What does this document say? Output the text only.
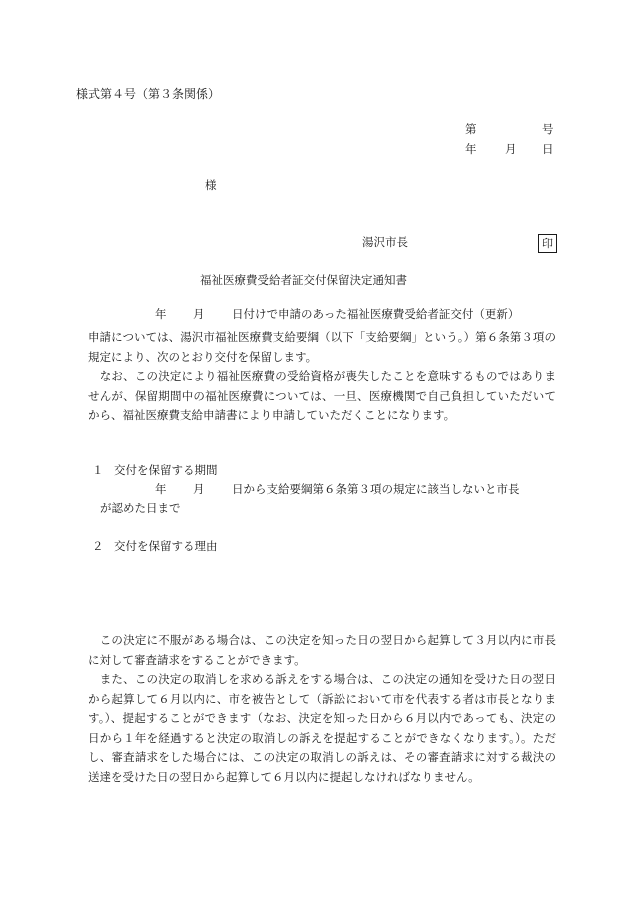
様式第４号（第３条関係）
第	号
年 月 日
様
湯沢市長	印
福祉医療費受給者証交付保留決定通知書
年 月 日付けで申請のあった福祉医療費受給者証交付（更新）
申請については、湯沢市福祉医療費支給要綱（以下「支給要綱」という。）第６条第３項の規定により、次のとおり交付を保留します。
　なお、この決定により福祉医療費の受給資格が喪失したことを意味するものではありませんが、保留期間中の福祉医療費については、一旦、医療機関で自己負担していただいてから、福祉医療費支給申請書により申請していただくことになります。
１ 交付を保留する期間
年 月 日から支給要綱第６条第３項の規定に該当しないと市長
が認めた日まで
２ 交付を保留する理由
　この決定に不服がある場合は、この決定を知った日の翌日から起算して３月以内に市長に対して審査請求をすることができます。
　また、この決定の取消しを求める訴えをする場合は、この決定の通知を受けた日の翌日から起算して６月以内に、市を被告として（訴訟において市を代表する者は市長となります。）、提起することができます（なお、決定を知った日から６月以内であっても、決定の日から１年を経過すると決定の取消しの訴えを提起することができなくなります。）。ただし、審査請求をした場合には、この決定の取消しの訴えは、その審査請求に対する裁決の送達を受けた日の翌日から起算して６月以内に提起しなければなりません。
